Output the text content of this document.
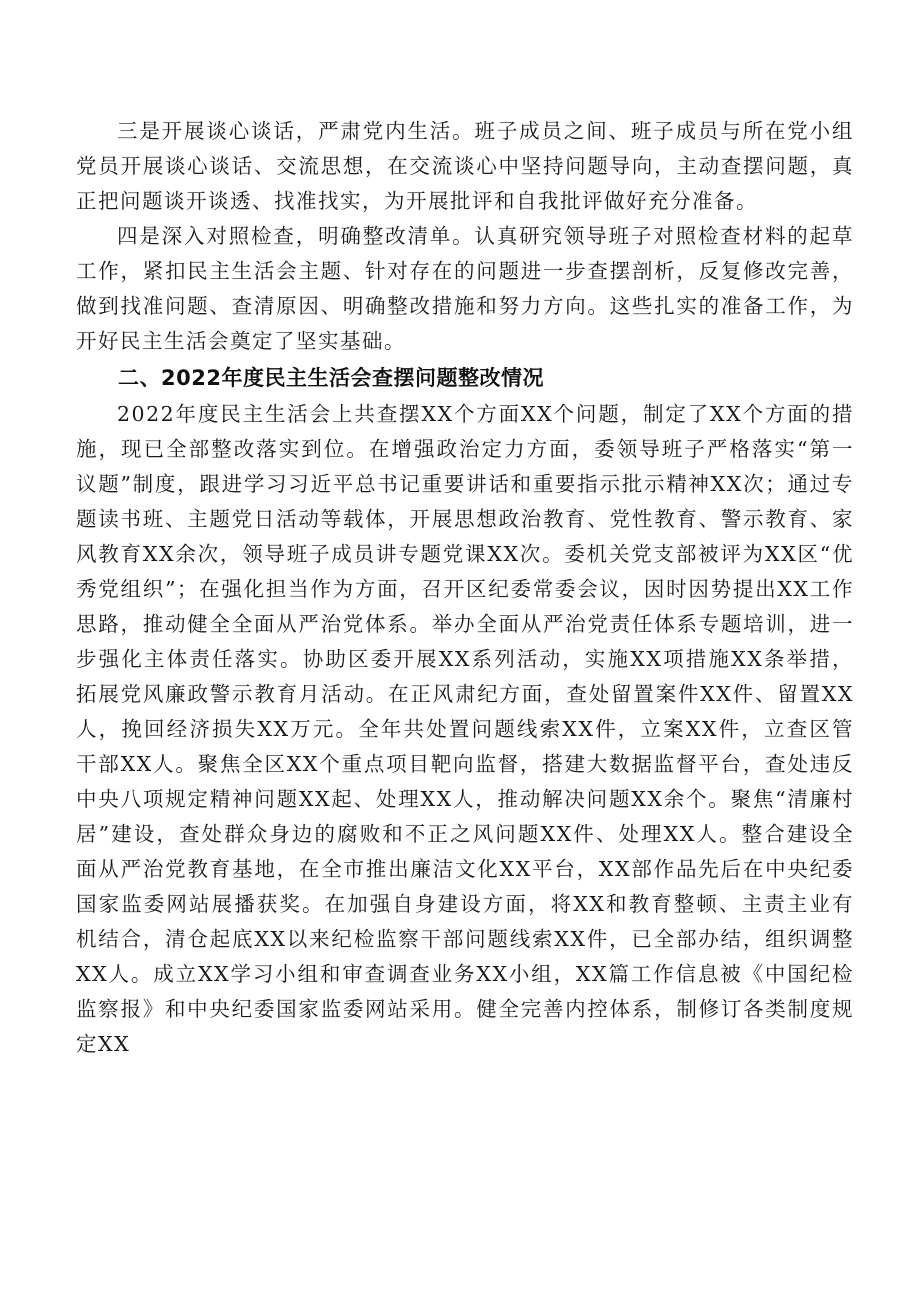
三是开展谈心谈话，严肃党内生活。班子成员之间、班子成员与所在党小组党员开展谈心谈话、交流思想，在交流谈心中坚持问题导向，主动查摆问题，真正把问题谈开谈透、找准找实，为开展批评和自我批评做好充分准备。

四是深入对照检查，明确整改清单。认真研究领导班子对照检查材料的起草工作，紧扣民主生活会主题、针对存在的问题进一步查摆剖析，反复修改完善，做到找准问题、查清原因、明确整改措施和努力方向。这些扎实的准备工作，为开好民主生活会奠定了坚实基础。

二、2022年度民主生活会查摆问题整改情况

2022年度民主生活会上共查摆XX个方面XX个问题，制定了XX个方面的措施，现已全部整改落实到位。在增强政治定力方面，委领导班子严格落实“第一议题”制度，跟进学习习近平总书记重要讲话和重要指示批示精神XX次；通过专题读书班、主题党日活动等载体，开展思想政治教育、党性教育、警示教育、家风教育XX余次，领导班子成员讲专题党课XX次。委机关党支部被评为XX区“优秀党组织”；在强化担当作为方面，召开区纪委常委会议，因时因势提出XX工作思路，推动健全全面从严治党体系。举办全面从严治党责任体系专题培训，进一步强化主体责任落实。协助区委开展XX系列活动，实施XX项措施XX条举措，拓展党风廉政警示教育月活动。在正风肃纪方面，查处留置案件XX件、留置XX人，挽回经济损失XX万元。全年共处置问题线索XX件，立案XX件，立查区管干部XX人。聚焦全区XX个重点项目靶向监督，搭建大数据监督平台，查处违反中央八项规定精神问题XX起、处理XX人，推动解决问题XX余个。聚焦“清廉村居”建设，查处群众身边的腐败和不正之风问题XX件、处理XX人。整合建设全面从严治党教育基地，在全市推出廉洁文化XX平台，XX部作品先后在中央纪委国家监委网站展播获奖。在加强自身建设方面，将XX和教育整顿、主责主业有机结合，清仓起底XX以来纪检监察干部问题线索XX件，已全部办结，组织调整XX人。成立XX学习小组和审查调查业务XX小组，XX篇工作信息被《中国纪检监察报》和中央纪委国家监委网站采用。健全完善内控体系，制修订各类制度规定XX
